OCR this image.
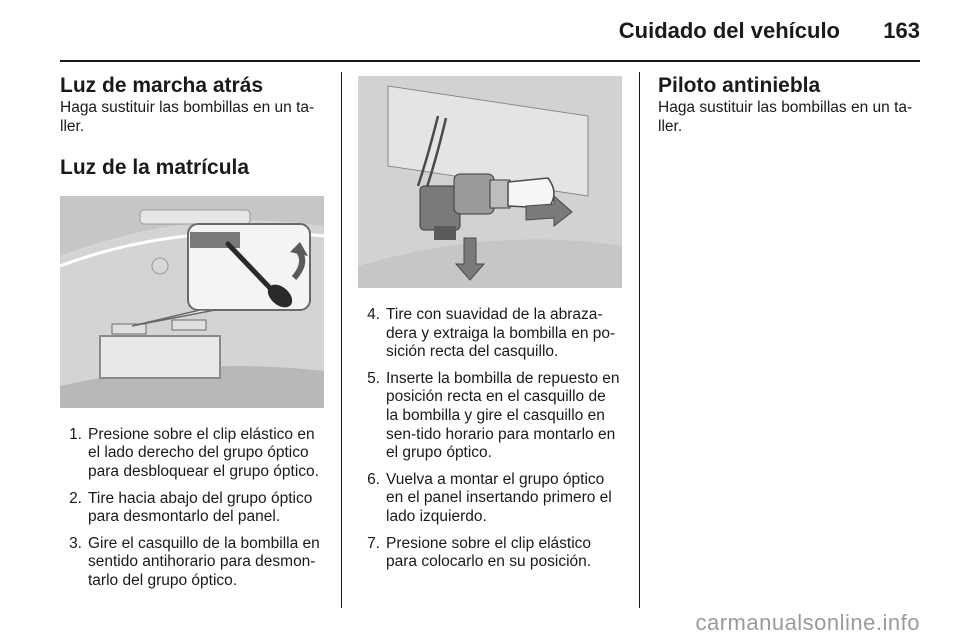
Cuidado del vehículo 163
Luz de marcha atrás

Haga sustituir las bombillas en un ta-ller.

Luz de la matrícula
1. Presione sobre el clip elástico en el lado derecho del grupo óptico para desbloquear el grupo óptico.
2. Tire hacia abajo del grupo óptico para desmontarlo del panel.
3. Gire el casquillo de la bombilla en sentido antihorario para desmon-tarlo del grupo óptico.
4. Tire con suavidad de la abraza-dera y extraiga la bombilla en po-sición recta del casquillo.
5. Inserte la bombilla de repuesto en posición recta en el casquillo de la bombilla y gire el casquillo en sen-tido horario para montarlo en el grupo óptico.
6. Vuelva a montar el grupo óptico en el panel insertando primero el lado izquierdo.
7. Presione sobre el clip elástico para colocarlo en su posición.
Piloto antiniebla

Haga sustituir las bombillas en un ta-ller.

carmanualsonline.info
